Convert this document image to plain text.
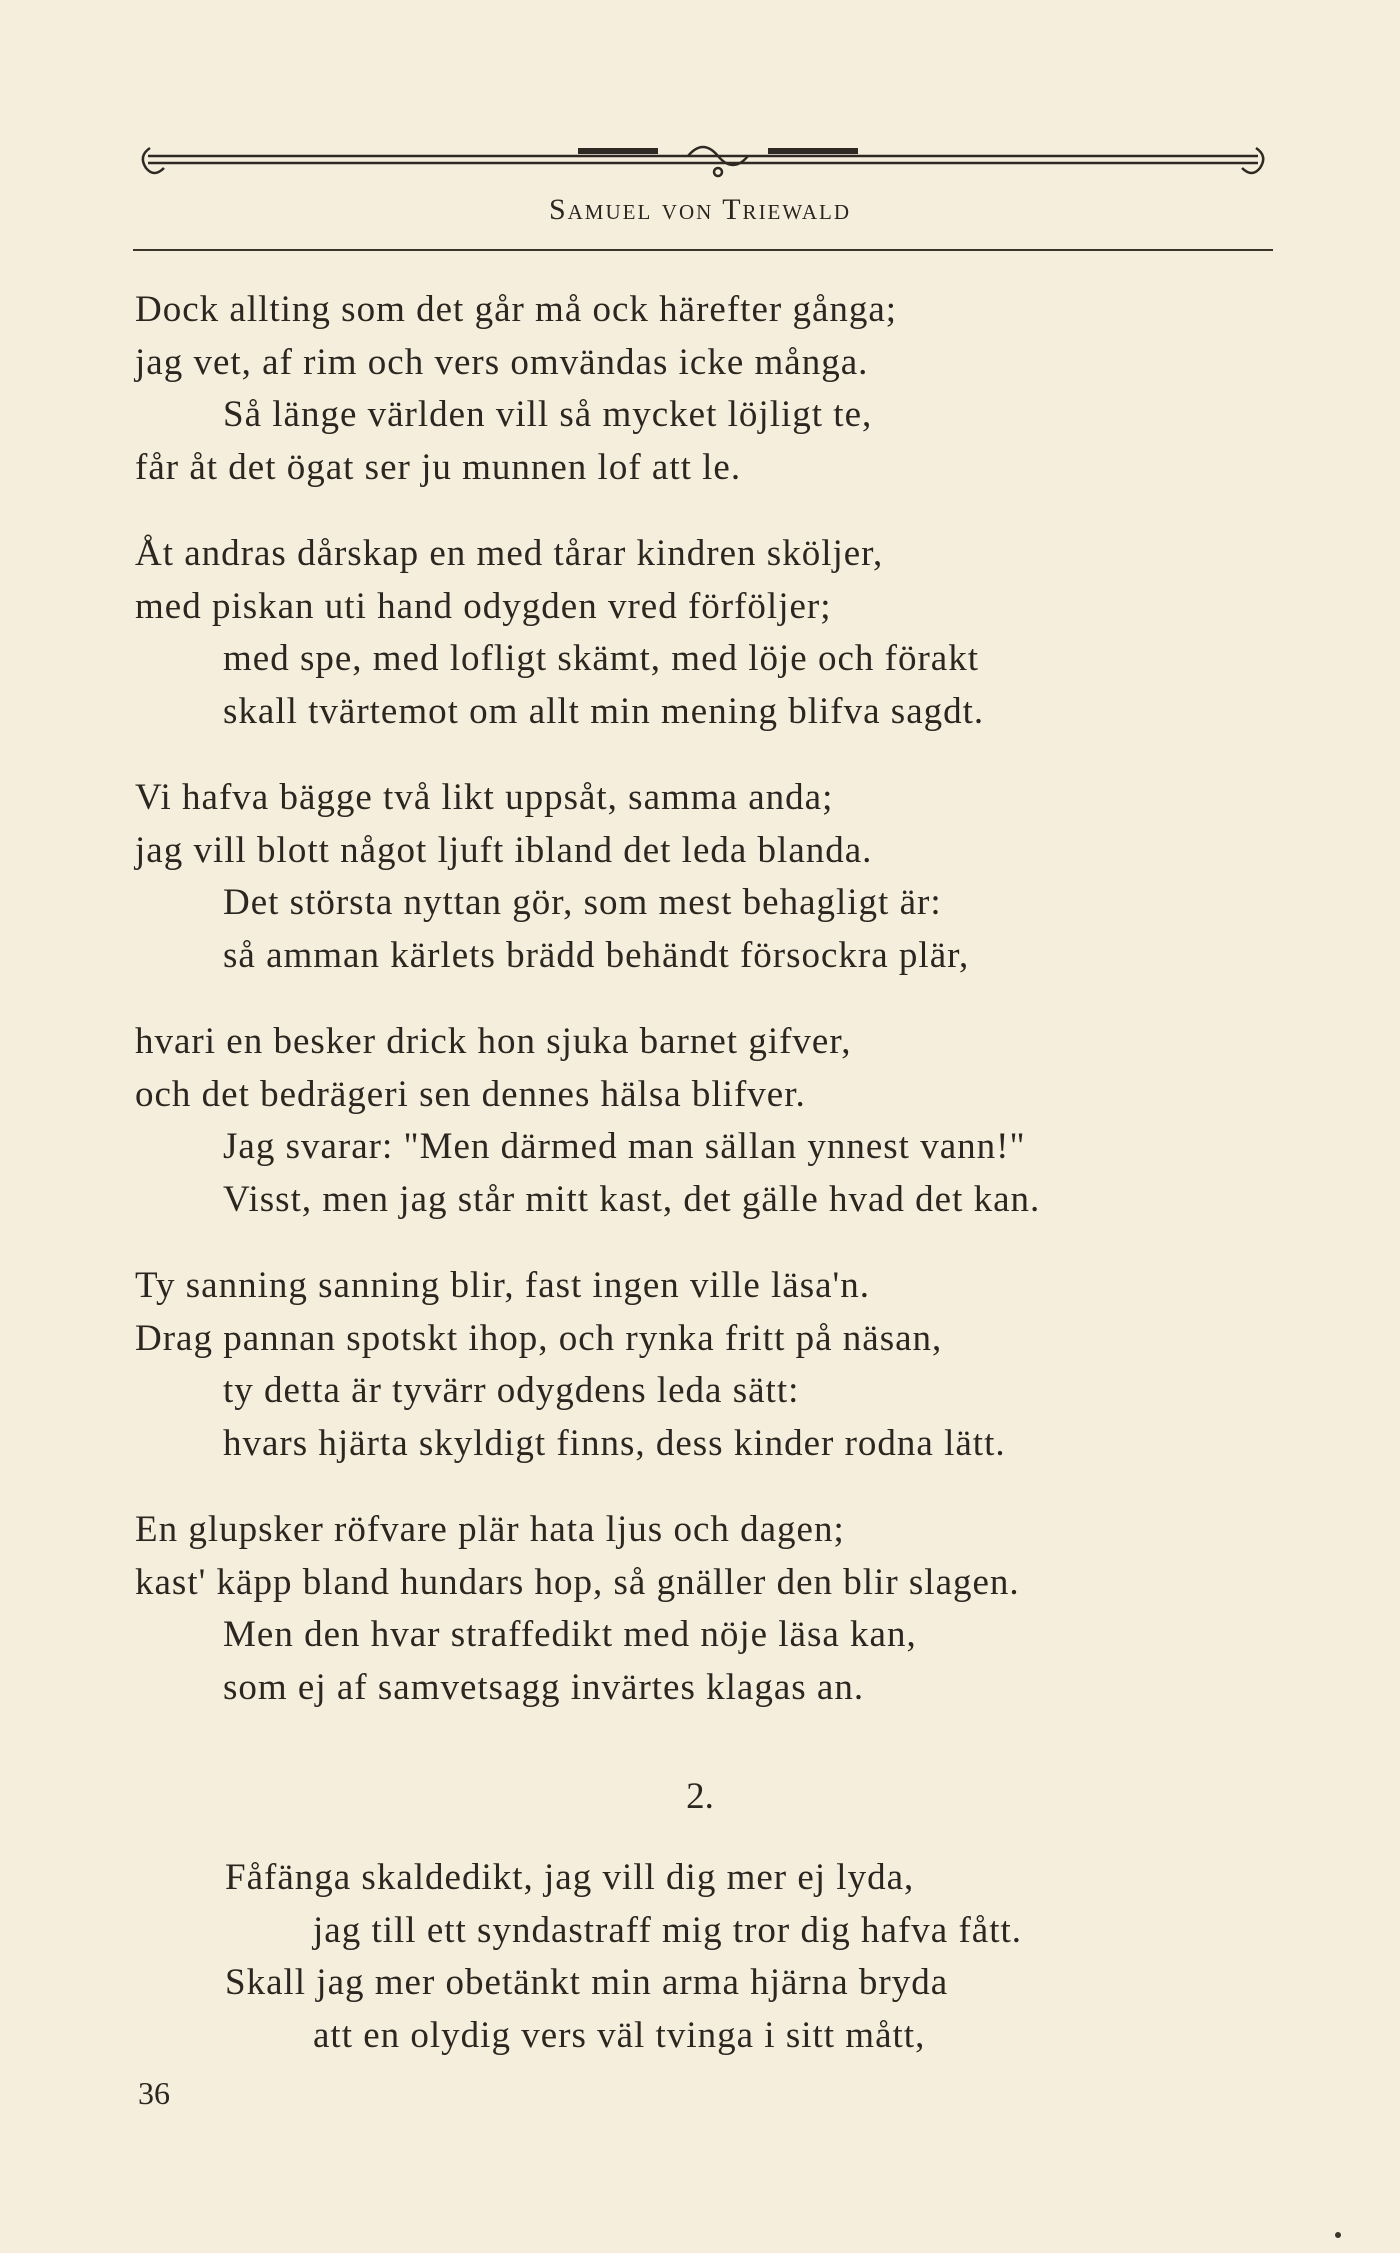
Samuel von Triewald
Dock allting som det går må ock härefter gånga;
jag vet, af rim och vers omvändas icke många.
Så länge världen vill så mycket löjligt te,
får åt det ögat ser ju munnen lof att le.
Åt andras dårskap en med tårar kindren sköljer,
med piskan uti hand odygden vred förföljer;
med spe, med lofligt skämt, med löje och förakt
skall tvärtemot om allt min mening blifva sagdt.
Vi hafva bägge två likt uppsåt, samma anda;
jag vill blott något ljuft ibland det leda blanda.
Det största nyttan gör, som mest behagligt är:
så amman kärlets brädd behändt försockra plär,
hvari en besker drick hon sjuka barnet gifver,
och det bedrägeri sen dennes hälsa blifver.
Jag svarar: "Men därmed man sällan ynnest vann!"
Visst, men jag står mitt kast, det gälle hvad det kan.
Ty sanning sanning blir, fast ingen ville läsa'n.
Drag pannan spotskt ihop, och rynka fritt på näsan,
ty detta är tyvärr odygdens leda sätt:
hvars hjärta skyldigt finns, dess kinder rodna lätt.
En glupsker röfvare plär hata ljus och dagen;
kast' käpp bland hundars hop, så gnäller den blir slagen.
Men den hvar straffedikt med nöje läsa kan,
som ej af samvetsagg invärtes klagas an.
2.
Fåfänga skaldedikt, jag vill dig mer ej lyda,
jag till ett syndastraff mig tror dig hafva fått.
Skall jag mer obetänkt min arma hjärna bryda
att en olydig vers väl tvinga i sitt mått,
36
